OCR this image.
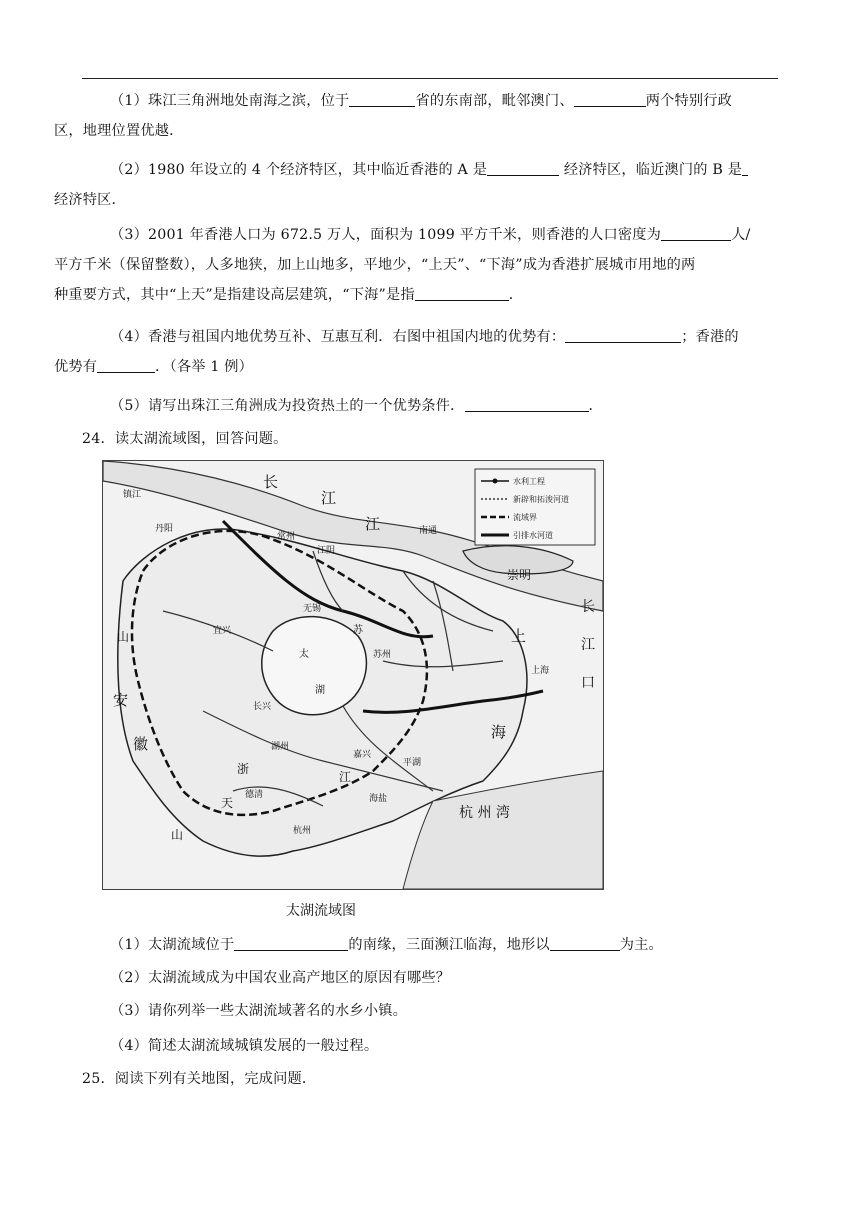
（1）珠江三角洲地处南海之滨，位于	省的东南部，毗邻澳门、	两个特别行政
区，地理位置优越．
（2）1980 年设立的 4 个经济特区，其中临近香港的 A 是	经济特区，临近澳门的 B 是
经济特区．
（3）2001 年香港人口为 672.5 万人，面积为 1099 平方千米，则香港的人口密度为	人/
平方千米（保留整数），人多地狭，加上山地多，平地少，“上天”、“下海”成为香港扩展城市用地的两
种重要方式，其中“上天”是指建设高层建筑，“下海”是指	．
（4）香港与祖国内地优势互补、互惠互利．右图中祖国内地的优势有：	；香港的
优势有	．（各举 1 例）
（5）请写出珠江三角洲成为投资热土的一个优势条件．	．
24．读太湖流域图，回答问题。
水利工程
新辟和拓浚河道
流域界
引排水河道
长
江
江
镇江
丹阳
常州
江阴
南通
无锡
苏
宜兴
太
湖
长兴
湖州
苏州
上
上海
海
崇明
长
江
口
安
徽
山
山
浙
天
德清
嘉兴
平湖
海盐
杭州
杭 州 湾
江
太湖流域图
（1）太湖流域位于	的南缘，三面濒江临海，地形以	为主。
（2）太湖流域成为中国农业高产地区的原因有哪些？
（3）请你列举一些太湖流域著名的水乡小镇。
（4）简述太湖流域城镇发展的一般过程。
25．阅读下列有关地图，完成问题．
